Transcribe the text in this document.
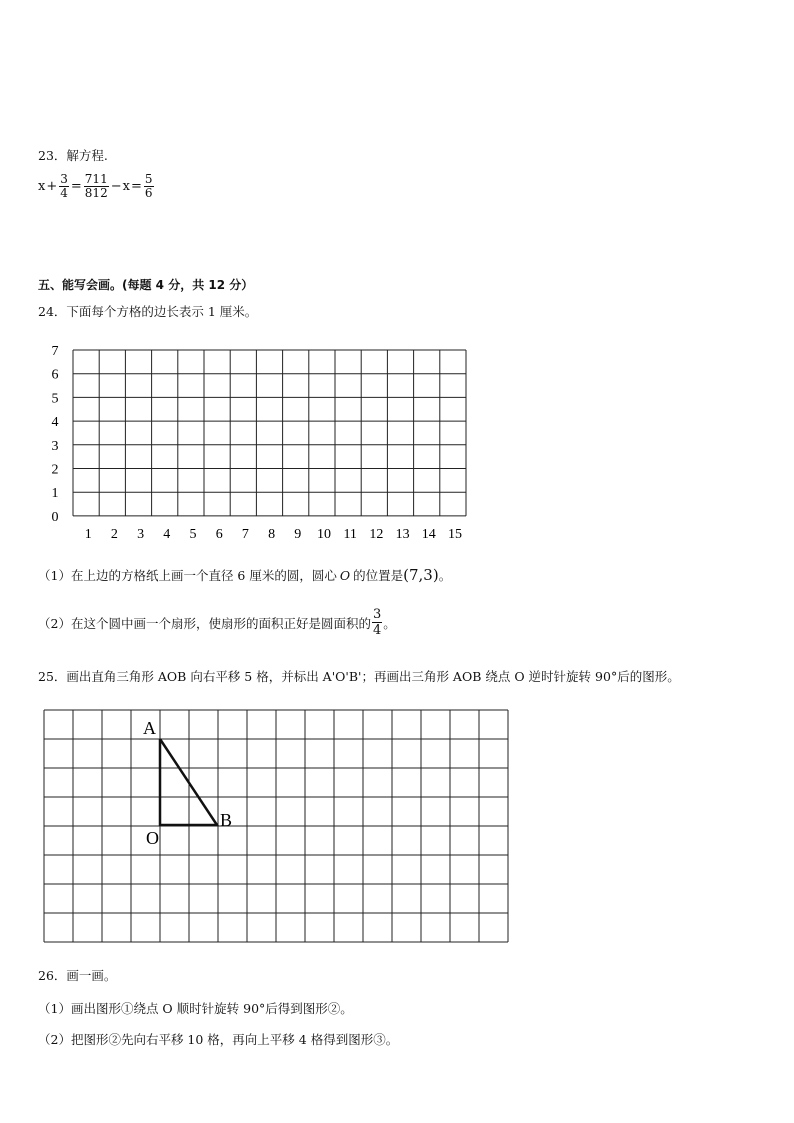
23．解方程.
$x + \frac{3}{4} = \frac{711}{812} - x = \frac{5}{6}$
五、能写会画。(每题 4 分，共 12 分）
24．下面每个方格的边长表示 1 厘米。
7
6
5
4
3
2
1
0
1 2 3 4 5 6 7 8 9 10 11 12 13 14 15
（1）在上边的方格纸上画一个直径 6 厘米的圆，圆心 O 的位置是 (7,3) 。
（2）在这个圆中画一个扇形，使扇形的面积正好是圆面积的 $\frac{3}{4}$ 。
25．画出直角三角形 AOB 向右平移 5 格，并标出 A'O'B'；再画出三角形 AOB 绕点 O 逆时针旋转 90°后的图形。
A
B
O
26．画一画。
（1）画出图形①绕点 O 顺时针旋转 90°后得到图形②。
（2）把图形②先向右平移 10 格，再向上平移 4 格得到图形③。
